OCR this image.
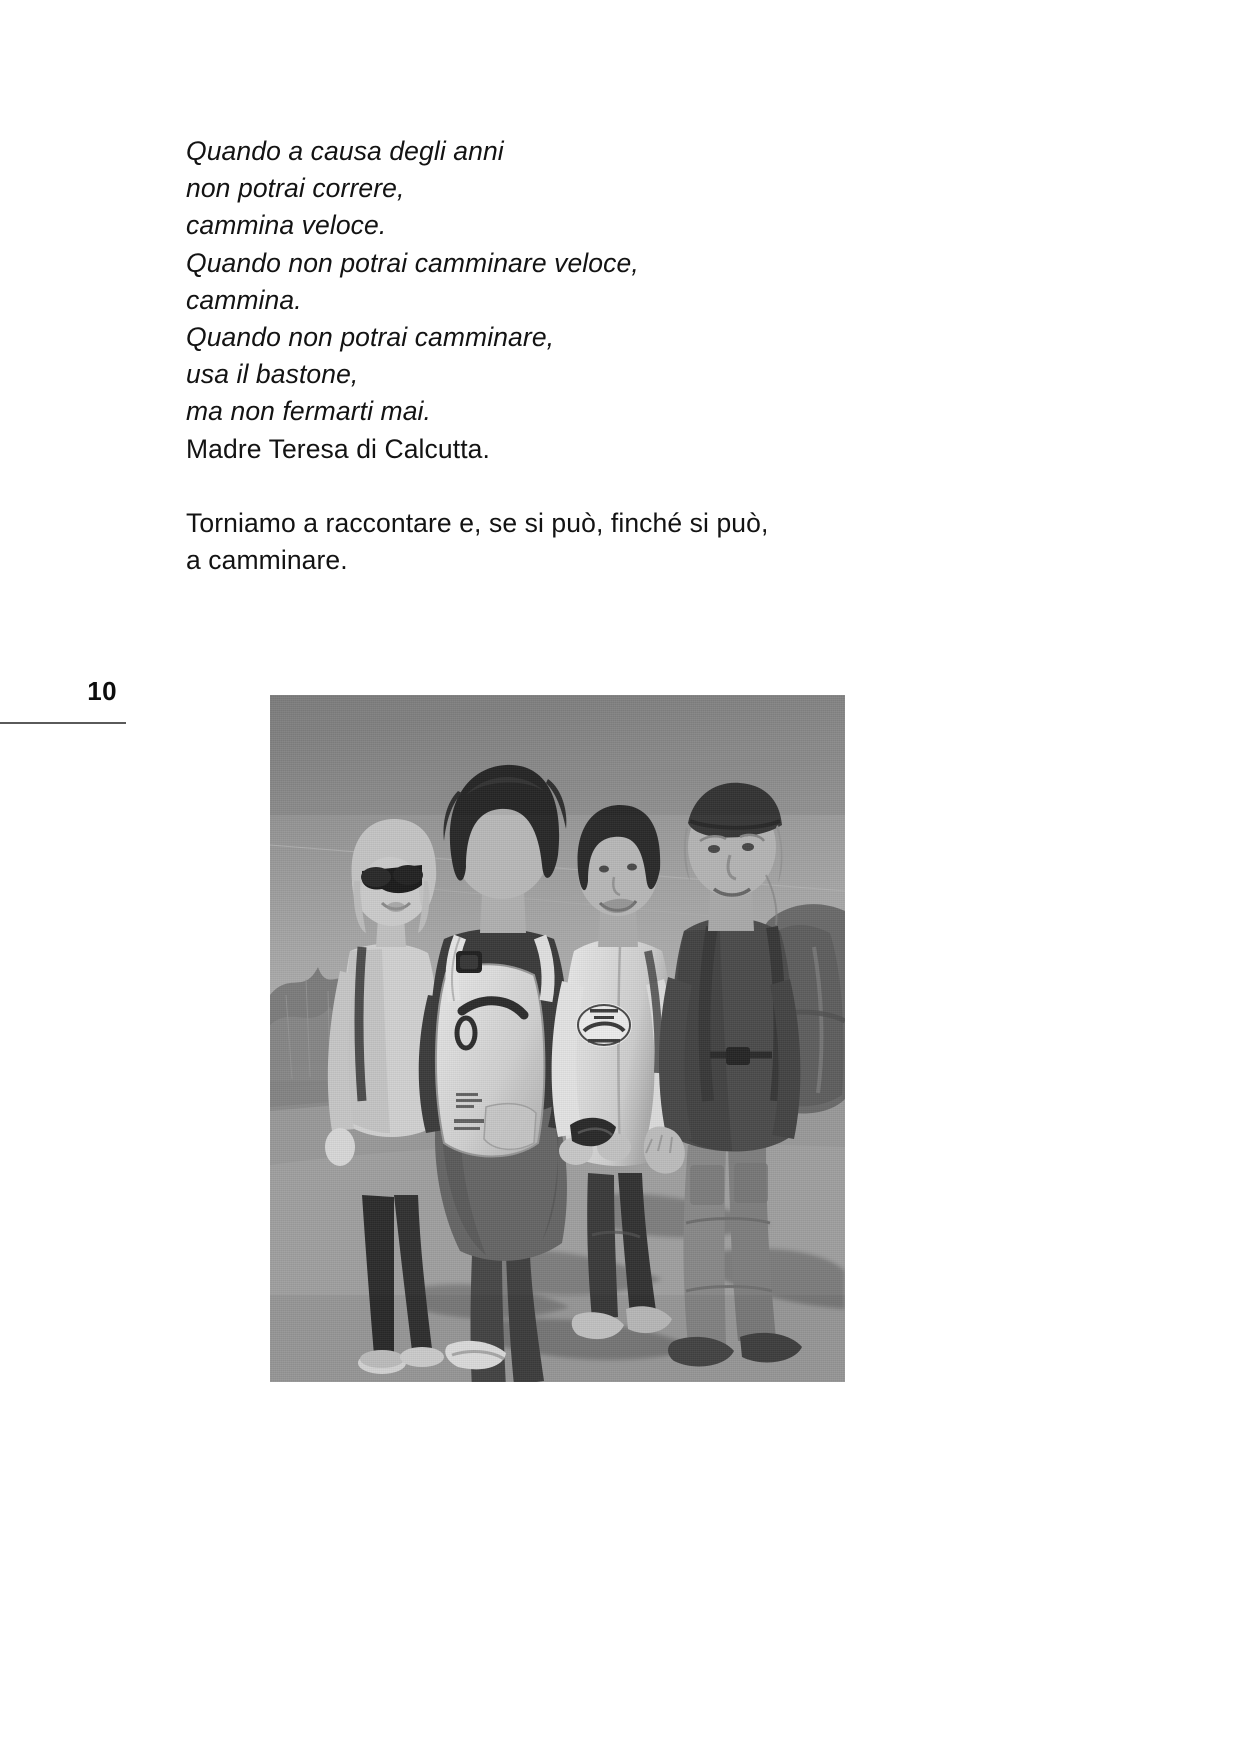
Quando a causa degli anni
non potrai correre,
cammina veloce.
Quando non potrai camminare veloce,
cammina.
Quando non potrai camminare,
usa il bastone,
ma non fermarti mai.
Madre Teresa di Calcutta.
Torniamo a raccontare e, se si può, finché si può,
a camminare.
10
